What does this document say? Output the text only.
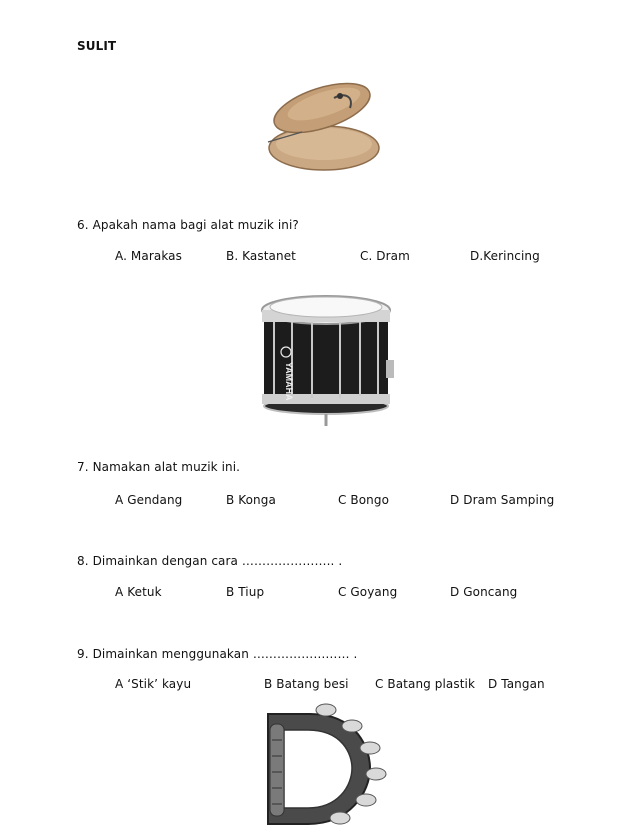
SULIT
6. Apakah nama bagi alat muzik ini?
A. Marakas	B. Kastanet	C. Dram	D.Kerincing
YAMAHA
7. Namakan alat muzik ini.
A Gendang	B Konga	C Bongo	D Dram Samping
8. Dimainkan dengan cara ………………….. .
A Ketuk	B Tiup	C Goyang	D Goncang
9. Dimainkan menggunakan …………………… .
A ‘Stik’ kayu	B Batang besi C Batang plastik D Tangan
